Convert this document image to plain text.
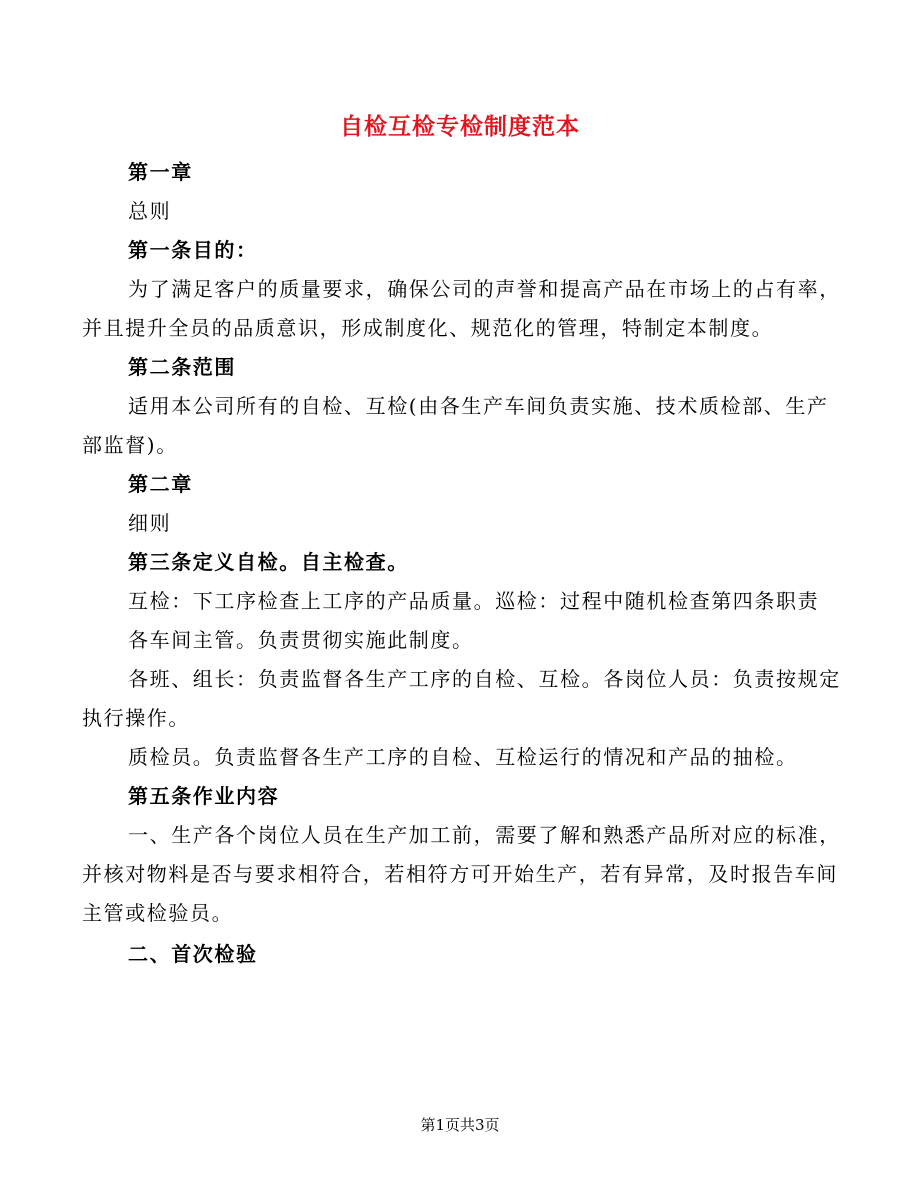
自检互检专检制度范本

第一章

总则

第一条目的：

为了满足客户的质量要求，确保公司的声誉和提高产品在市场上的占有率，并且提升全员的品质意识，形成制度化、规范化的管理，特制定本制度。

第二条范围

适用本公司所有的自检、互检(由各生产车间负责实施、技术质检部、生产部监督)。

第二章

细则

第三条定义自检。自主检查。

互检：下工序检查上工序的产品质量。巡检：过程中随机检查第四条职责

各车间主管。负责贯彻实施此制度。

各班、组长：负责监督各生产工序的自检、互检。各岗位人员：负责按规定执行操作。

质检员。负责监督各生产工序的自检、互检运行的情况和产品的抽检。

第五条作业内容

一、生产各个岗位人员在生产加工前，需要了解和熟悉产品所对应的标准，并核对物料是否与要求相符合，若相符方可开始生产，若有异常，及时报告车间主管或检验员。

二、首次检验

第1页共3页
